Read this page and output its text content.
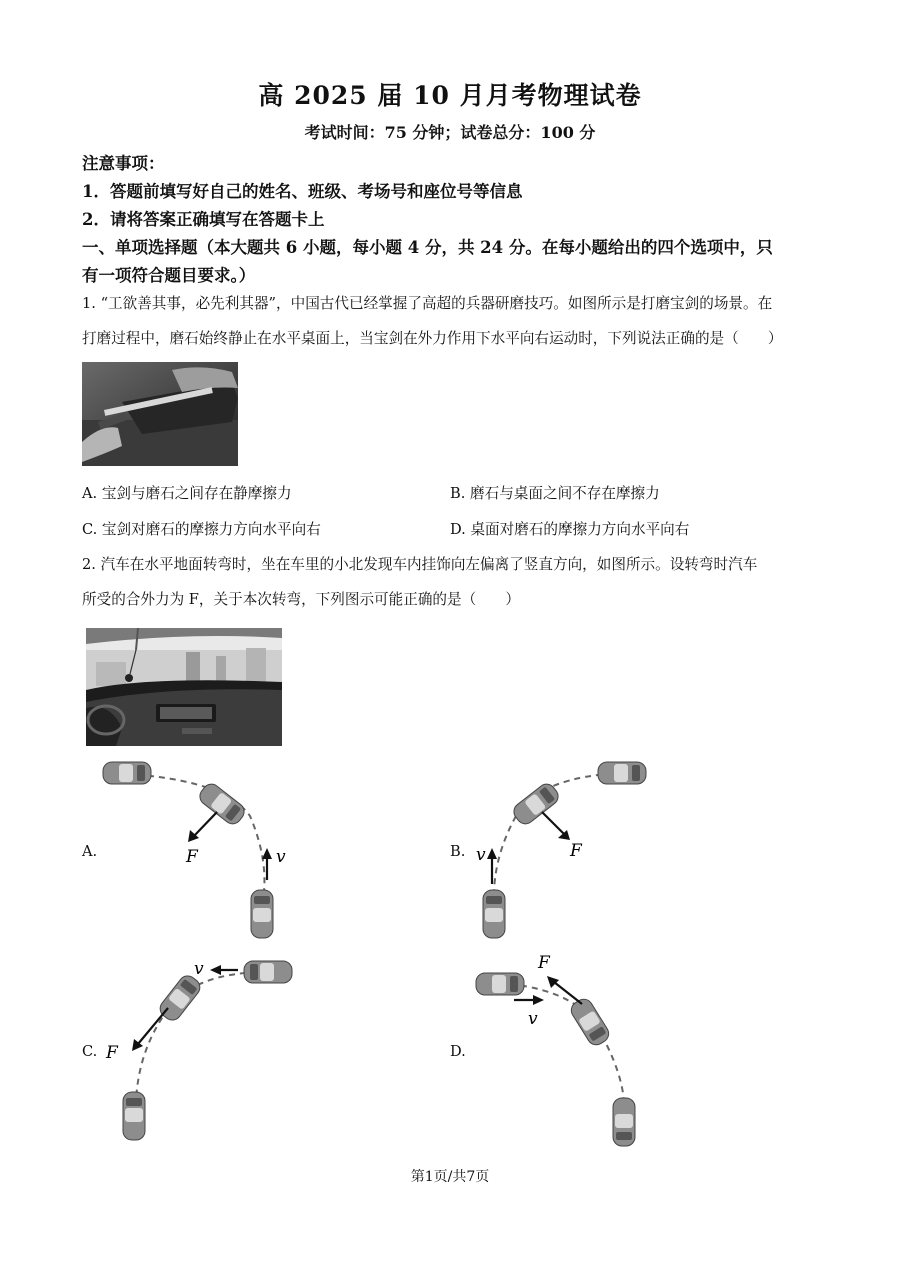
高 2025 届 10 月月考物理试卷
考试时间：75 分钟；试卷总分：100 分
注意事项：
1．答题前填写好自己的姓名、班级、考场号和座位号等信息
2．请将答案正确填写在答题卡上
一、单项选择题（本大题共 6 小题，每小题 4 分，共 24 分。在每小题给出的四个选项中，只
有一项符合题目要求。）
1. “工欲善其事，必先利其器”，中国古代已经掌握了高超的兵器研磨技巧。如图所示是打磨宝剑的场景。在
打磨过程中，磨石始终静止在水平桌面上，当宝剑在外力作用下水平向右运动时，下列说法正确的是（　　）
A. 宝剑与磨石之间存在静摩擦力	B. 磨石与桌面之间不存在摩擦力
C. 宝剑对磨石的摩擦力方向水平向右	D. 桌面对磨石的摩擦力方向水平向右
2. 汽车在水平地面转弯时，坐在车里的小北发现车内挂饰向左偏离了竖直方向，如图所示。设转弯时汽车
所受的合外力为 F，关于本次转弯，下列图示可能正确的是（　　）
F	v
A.	F
v
B.
v
F
C.
v
F
D.
第1页/共7页
